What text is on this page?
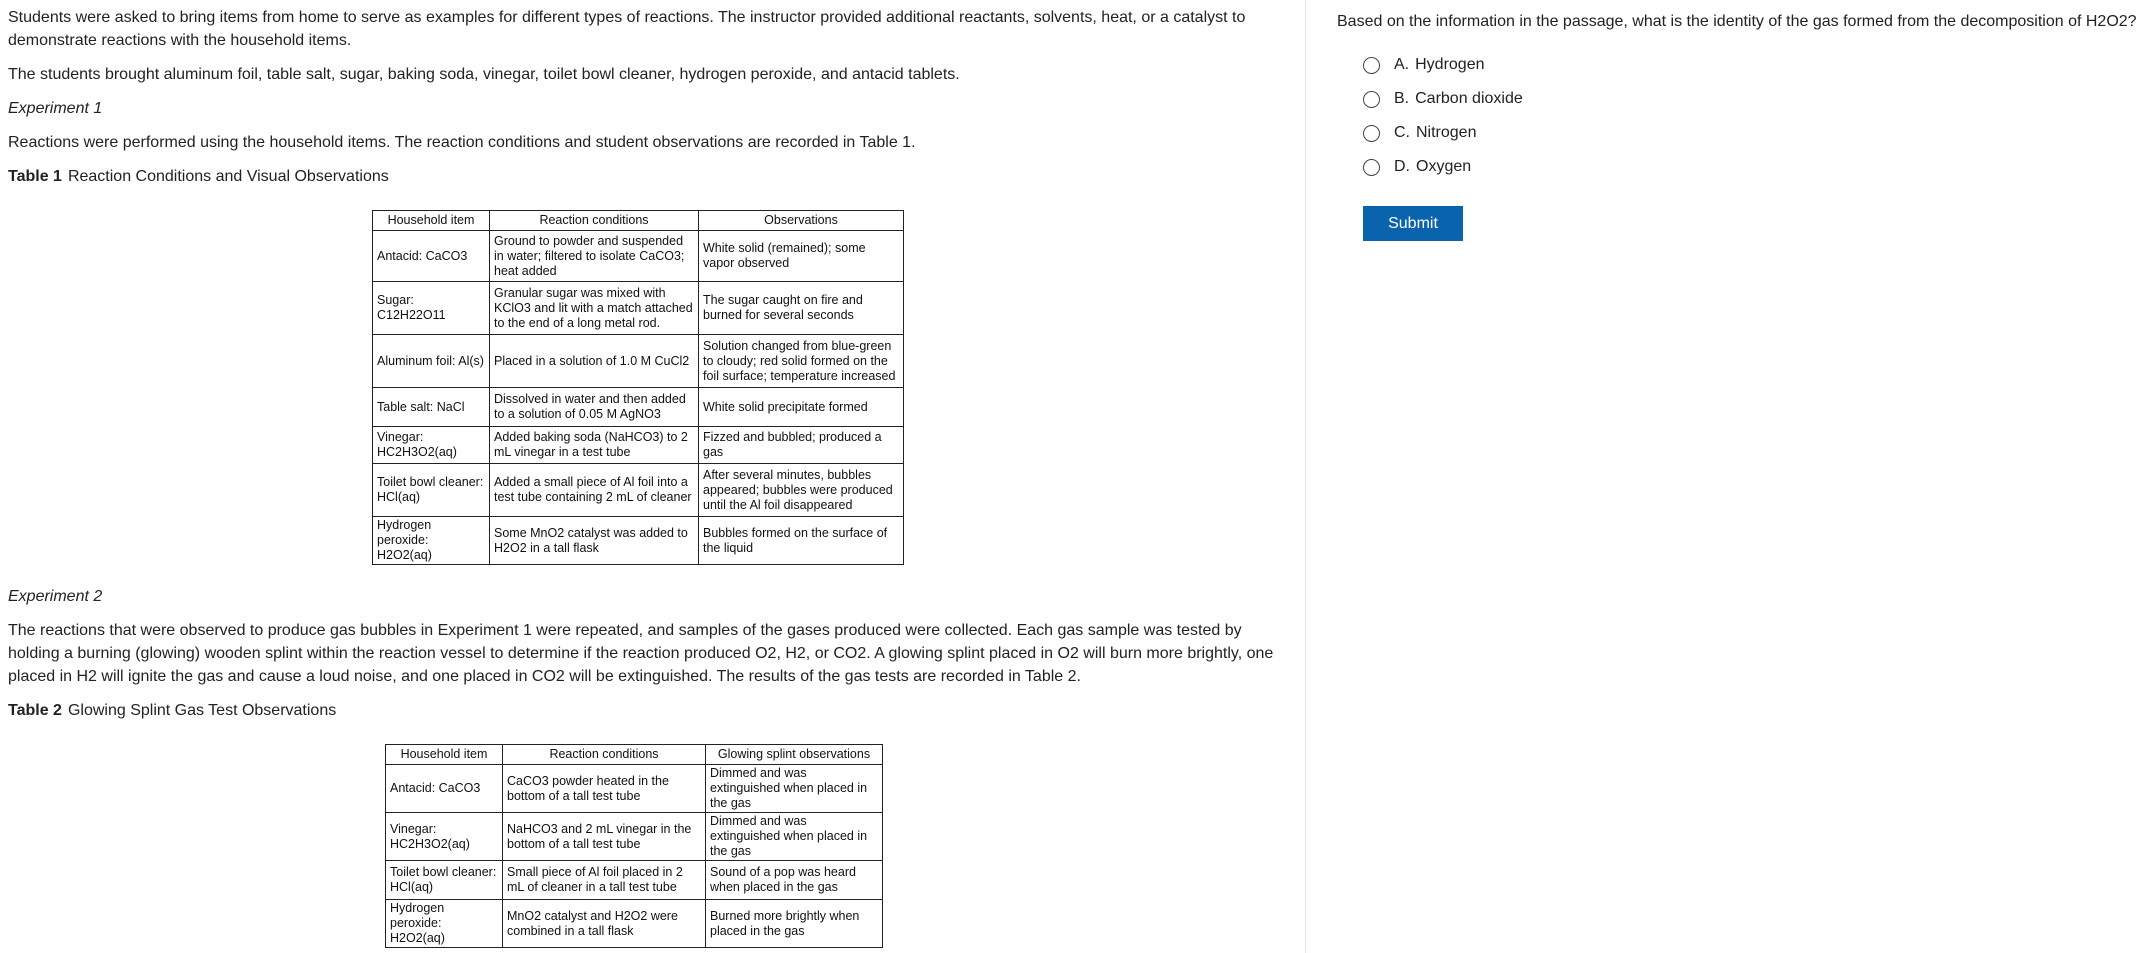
Students were asked to bring items from home to serve as examples for different types of reactions. The instructor provided additional reactants, solvents, heat, or a catalyst to demonstrate reactions with the household items.

The students brought aluminum foil, table salt, sugar, baking soda, vinegar, toilet bowl cleaner, hydrogen peroxide, and antacid tablets.

Experiment 1

Reactions were performed using the household items. The reaction conditions and student observations are recorded in Table 1.

Table 1 Reaction Conditions and Visual Observations

Household item	Reaction conditions	Observations
Antacid: CaCO3	Ground to powder and suspended in water; filtered to isolate CaCO3; heat added	White solid (remained); some vapor observed
Sugar: C12H22O11	Granular sugar was mixed with KClO3 and lit with a match attached to the end of a long metal rod.	The sugar caught on fire and burned for several seconds
Aluminum foil: Al(s)	Placed in a solution of 1.0 M CuCl2	Solution changed from blue-green to cloudy; red solid formed on the foil surface; temperature increased
Table salt: NaCl	Dissolved in water and then added to a solution of 0.05 M AgNO3	White solid precipitate formed
Vinegar: HC2H3O2(aq)	Added baking soda (NaHCO3) to 2 mL vinegar in a test tube	Fizzed and bubbled; produced a gas
Toilet bowl cleaner: HCl(aq)	Added a small piece of Al foil into a test tube containing 2 mL of cleaner	After several minutes, bubbles appeared; bubbles were produced until the Al foil disappeared
Hydrogen peroxide: H2O2(aq)	Some MnO2 catalyst was added to H2O2 in a tall flask	Bubbles formed on the surface of the liquid

Experiment 2

The reactions that were observed to produce gas bubbles in Experiment 1 were repeated, and samples of the gases produced were collected. Each gas sample was tested by holding a burning (glowing) wooden splint within the reaction vessel to determine if the reaction produced O2, H2, or CO2. A glowing splint placed in O2 will burn more brightly, one placed in H2 will ignite the gas and cause a loud noise, and one placed in CO2 will be extinguished. The results of the gas tests are recorded in Table 2.

Table 2 Glowing Splint Gas Test Observations

Household item	Reaction conditions	Glowing splint observations
Antacid: CaCO3	CaCO3 powder heated in the bottom of a tall test tube	Dimmed and was extinguished when placed in the gas
Vinegar: HC2H3O2(aq)	NaHCO3 and 2 mL vinegar in the bottom of a tall test tube	Dimmed and was extinguished when placed in the gas
Toilet bowl cleaner: HCl(aq)	Small piece of Al foil placed in 2 mL of cleaner in a tall test tube	Sound of a pop was heard when placed in the gas
Hydrogen peroxide: H2O2(aq)	MnO2 catalyst and H2O2 were combined in a tall flask	Burned more brightly when placed in the gas

Based on the information in the passage, what is the identity of the gas formed from the decomposition of H2O2?

A. Hydrogen
B. Carbon dioxide
C. Nitrogen
D. Oxygen
Submit
